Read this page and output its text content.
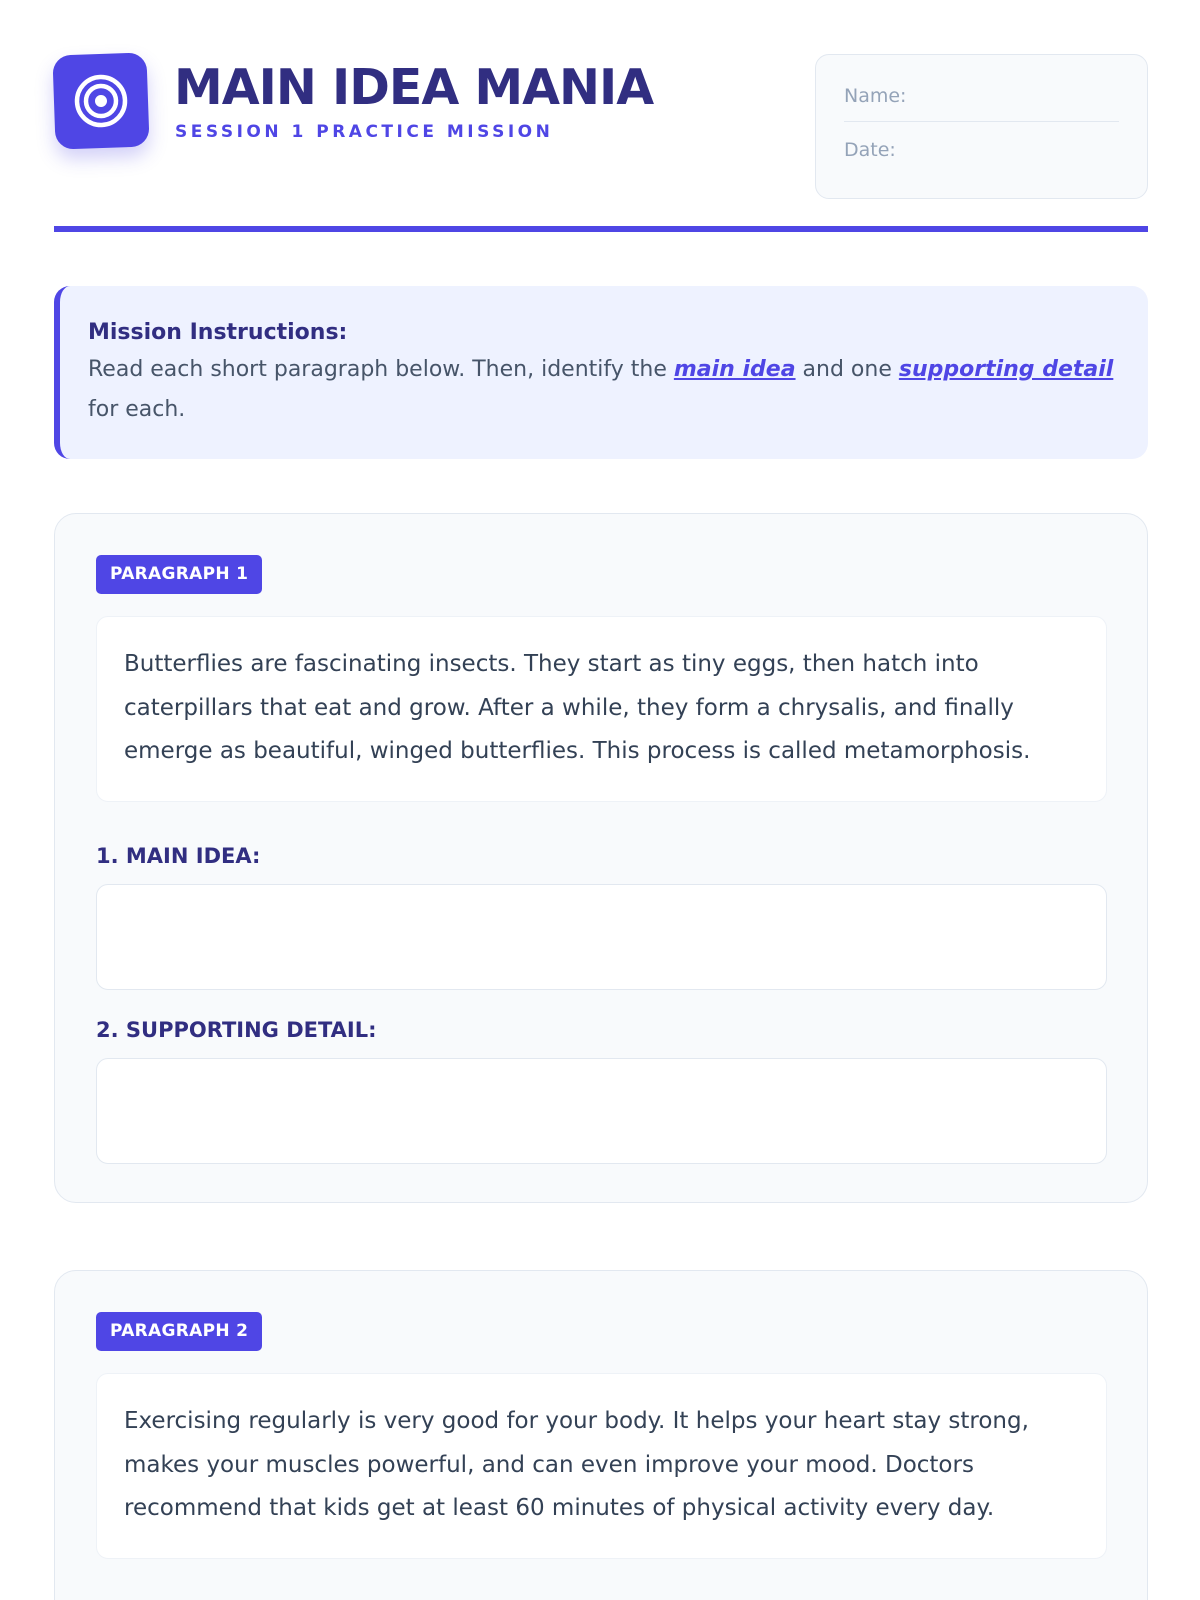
MAIN IDEA MANIA
SESSION 1 PRACTICE MISSION
Name:
Date:
Mission Instructions:
Read each short paragraph below. Then, identify the main idea and one supporting detail for each.
PARAGRAPH 1
Butterflies are fascinating insects. They start as tiny eggs, then hatch into caterpillars that eat and grow. After a while, they form a chrysalis, and finally emerge as beautiful, winged butterflies. This process is called metamorphosis.
1. MAIN IDEA:
2. SUPPORTING DETAIL:
PARAGRAPH 2
Exercising regularly is very good for your body. It helps your heart stay strong, makes your muscles powerful, and can even improve your mood. Doctors recommend that kids get at least 60 minutes of physical activity every day.
